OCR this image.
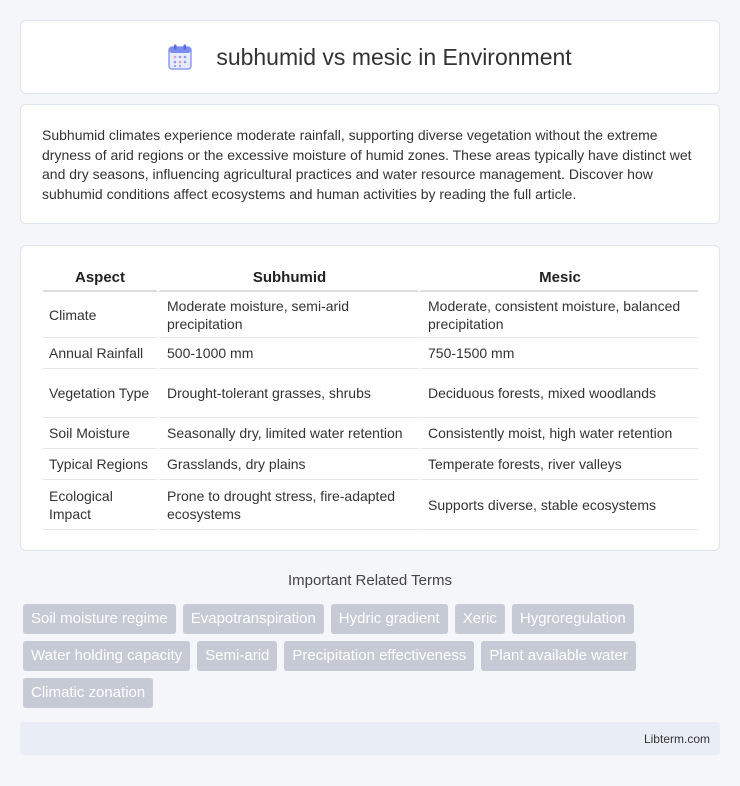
subhumid vs mesic in Environment

Subhumid climates experience moderate rainfall, supporting diverse vegetation without the extreme dryness of arid regions or the excessive moisture of humid zones. These areas typically have distinct wet and dry seasons, influencing agricultural practices and water resource management. Discover how subhumid conditions affect ecosystems and human activities by reading the full article.

Aspect	Subhumid	Mesic
Climate	Moderate moisture, semi-arid precipitation	Moderate, consistent moisture, balanced precipitation
Annual Rainfall	500-1000 mm	750-1500 mm
Vegetation Type	Drought-tolerant grasses, shrubs	Deciduous forests, mixed woodlands
Soil Moisture	Seasonally dry, limited water retention	Consistently moist, high water retention
Typical Regions	Grasslands, dry plains	Temperate forests, river valleys
Ecological Impact	Prone to drought stress, fire-adapted ecosystems	Supports diverse, stable ecosystems
Important Related Terms
Soil moisture regime	Evapotranspiration	Hydric gradient	Xeric	Hygroregulation
Water holding capacity	Semi-arid	Precipitation effectiveness	Plant available water
Climatic zonation
Libterm.com
